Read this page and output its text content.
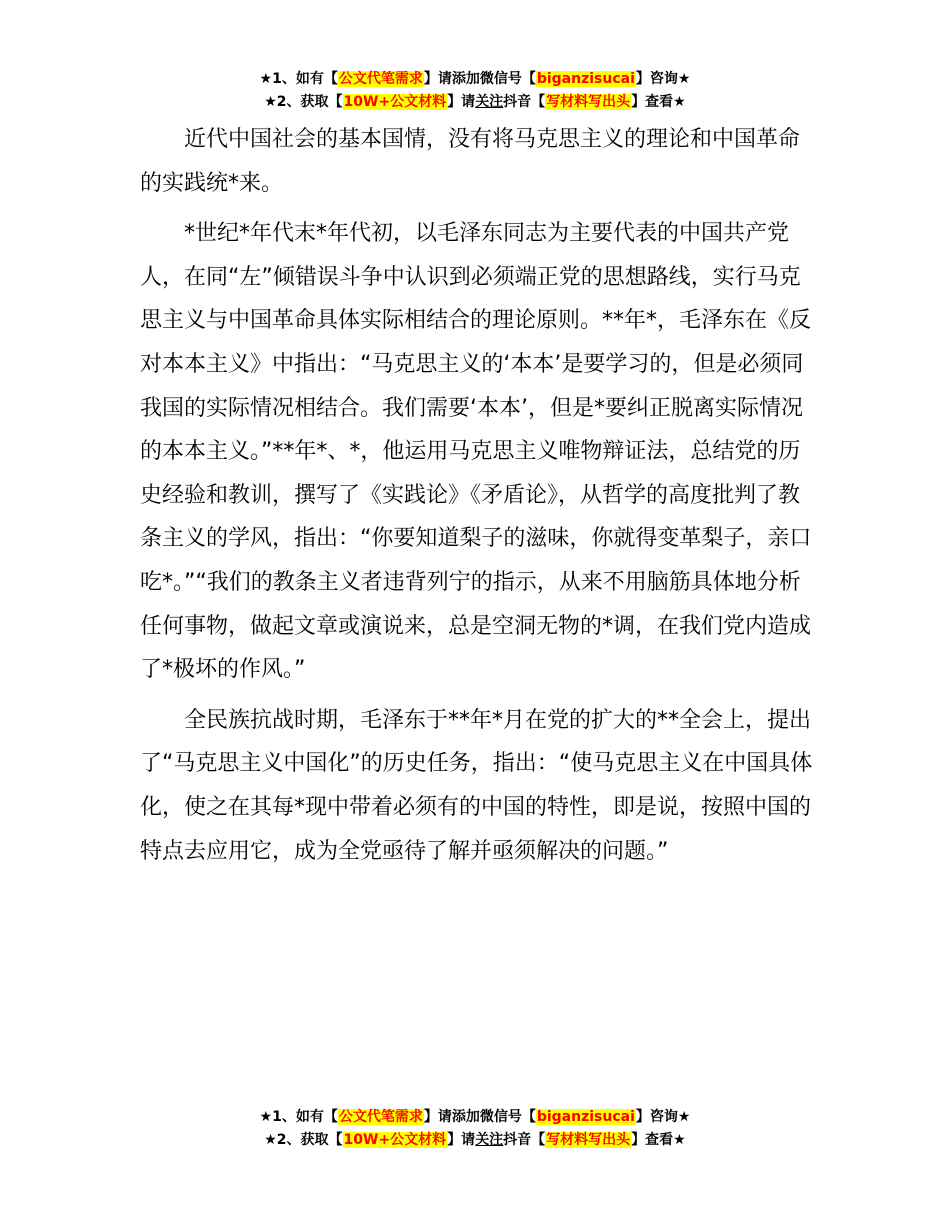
★1、如有【公文代笔需求】请添加微信号【biganzisucai】咨询★
★2、获取【10W+公文材料】请关注抖音【写材料写出头】查看★

近代中国社会的基本国情，没有将马克思主义的理论和中国革命的实践统*来。

*世纪*年代末*年代初，以毛泽东同志为主要代表的中国共产党人，在同“左”倾错误斗争中认识到必须端正党的思想路线，实行马克思主义与中国革命具体实际相结合的理论原则。**年*，毛泽东在《反对本本主义》中指出：“马克思主义的‘本本’是要学习的，但是必须同我国的实际情况相结合。我们需要‘本本’，但是*要纠正脱离实际情况的本本主义。”**年*、*，他运用马克思主义唯物辩证法，总结党的历史经验和教训，撰写了《实践论》《矛盾论》，从哲学的高度批判了教条主义的学风，指出：“你要知道梨子的滋味，你就得变革梨子，亲口吃*。”“我们的教条主义者违背列宁的指示，从来不用脑筋具体地分析任何事物，做起文章或演说来，总是空洞无物的*调，在我们党内造成了*极坏的作风。”

全民族抗战时期，毛泽东于**年*月在党的扩大的**全会上，提出了“马克思主义中国化”的历史任务，指出：“使马克思主义在中国具体化，使之在其每*现中带着必须有的中国的特性，即是说，按照中国的特点去应用它，成为全党亟待了解并亟须解决的问题。”

★1、如有【公文代笔需求】请添加微信号【biganzisucai】咨询★
★2、获取【10W+公文材料】请关注抖音【写材料写出头】查看★
